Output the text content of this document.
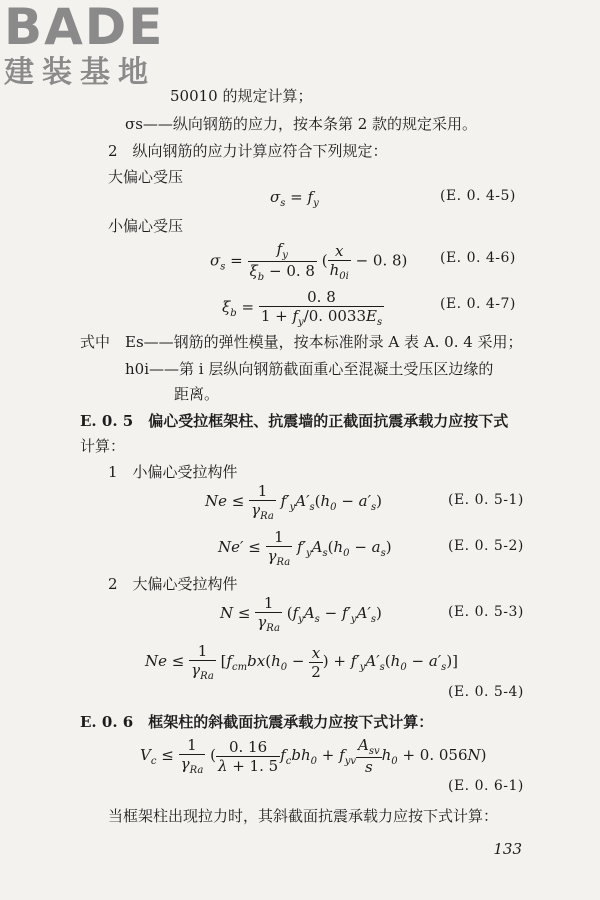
BADE
建装基地
50010 的规定计算；
σs——纵向钢筋的应力，按本条第 2 款的规定采用。
2　纵向钢筋的应力计算应符合下列规定：
大偏心受压
$\sigma_s = f_y$	(E. 0. 4-5)
小偏心受压
$\sigma_s = \frac{f_y}{\xi_b - 0. 8}$ ( $\frac{x}{h_{0i}} - 0$. 8) (E. 0. 4-6)
$\xi_b = \frac{0. 8}{1 + f_y/0. 0033E_s}$	(E. 0. 4-7)
式中　Es——钢筋的弹性模量，按本标准附录 A 表 A. 0. 4 采用；
h0i——第 i 层纵向钢筋截面重心至混凝土受压区边缘的
距离。
E. 0. 5　偏心受拉框架柱、抗震墙的正截面抗震承载力应按下式
计算：
1　小偏心受拉构件
$Ne \le \frac{1}{\gamma_{Ra}} f'_yA'_s(h_0 - a'_s)$	(E. 0. 5-1)
$Ne' \le \frac{1}{\gamma_{Ra}} f'_yA_s(h_0 - a_s)$	(E. 0. 5-2)
2　大偏心受拉构件
$N \le \frac{1}{\gamma_{Ra}} (f_yA_s - f'_yA'_s)$	(E. 0. 5-3)
$Ne \le \frac{1}{\gamma_{Ra}} [f_{cm}bx(h_0 - \frac{x}{2}$ ) + $f'_yA'_s(h_0 - a'_s)$]
(E. 0. 5-4)
E. 0. 6　框架柱的斜截面抗震承载力应按下式计算：
$V_c \le \frac{1}{\gamma_{Ra}}$ ( $\frac{0. 16}{\lambda + 1. 5} f_cbh_0 + f_{yv} \frac{A_{sv}}{s} h_0 + 0$. 056N)
(E. 0. 6-1)
当框架柱出现拉力时，其斜截面抗震承载力应按下式计算：
133
